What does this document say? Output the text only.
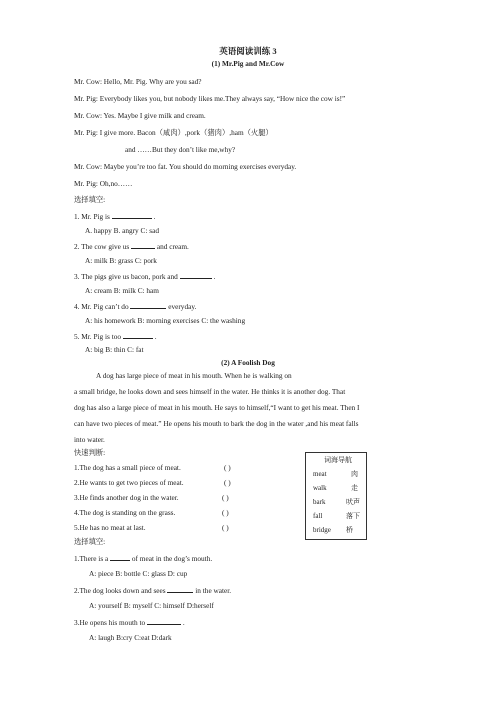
英语阅读训练 3
(1) Mr.Pig and Mr.Cow
Mr. Cow: Hello, Mr. Pig. Why are you sad?
Mr. Pig: Everybody likes you, but nobody likes me.They always say, “How nice the cow is!”
Mr. Cow: Yes. Maybe I give milk and cream.
Mr. Pig: I give more. Bacon（咸肉）,pork（猪肉）,ham（火腿）
and ……But they don’t like me,why?
Mr. Cow: Maybe you’re too fat. You should do morning exercises everyday.
Mr. Pig: Oh,no……
选择填空:
1. Mr. Pig is	.
A. happy B. angry C: sad
2. The cow give us	and cream.
A: milk B: grass C: pork
3. The pigs give us bacon, pork and	.
A: cream B: milk C: ham
4. Mr. Pig can’t do	everyday.
A: his homework B: morning exercises C: the washing
5. Mr. Pig is too	.
A: big B: thin C: fat
(2) A Foolish Dog
A dog has large piece of meat in his mouth. When he is walking on
a small bridge, he looks down and sees himself in the water. He thinks it is another dog. That
dog has also a large piece of meat in his mouth. He says to himself,“I want to get his meat. Then I
can have two pieces of meat.” He opens his mouth to bark the dog in the water ,and his meat falls
into water.
快速判断:
1.The dog has a small piece of meat.	( )
2.He wants to get two pieces of meat.	( )
3.He finds another dog in the water.	( )
4.The dog is standing on the grass.	( )
5.He has no meat at last.	( )
词海导航
meat	肉
walk	走
bark	吠声
fall	落下
bridge 桥
选择填空:
1.There is a	of meat in the dog’s mouth.
A: piece B: bottle C: glass D: cup
2.The dog looks down and sees	in the water.
A: yourself B: myself C: himself D:herself
3.He opens his mouth to	.
A: laugh B:cry C:eat D:dark
